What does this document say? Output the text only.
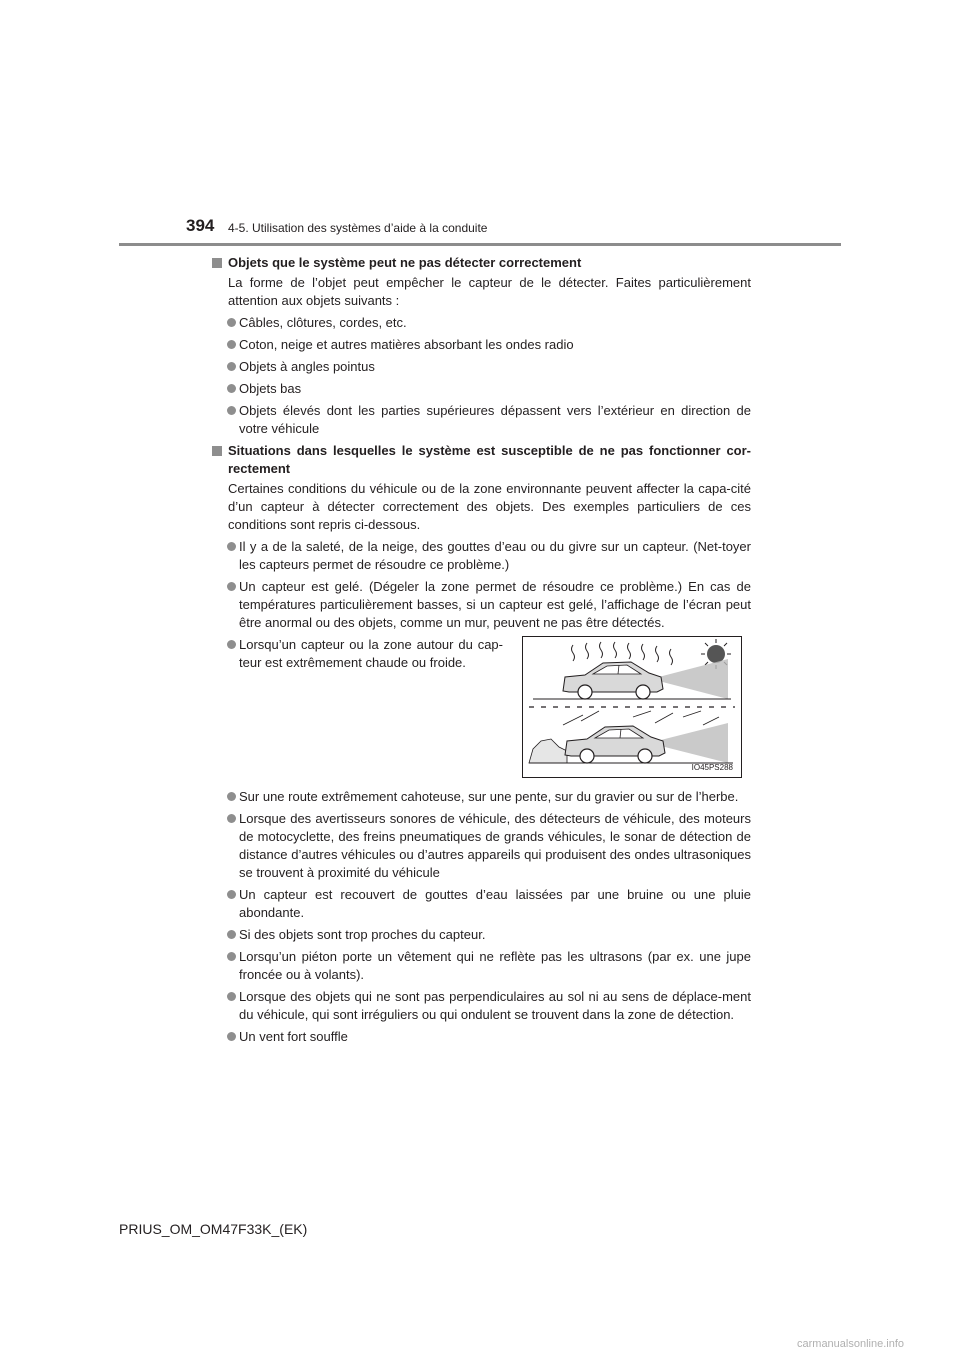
394 4-5. Utilisation des systèmes d’aide à la conduite
Objets que le système peut ne pas détecter correctement
La forme de l’objet peut empêcher le capteur de le détecter. Faites particulièrement attention aux objets suivants :
Câbles, clôtures, cordes, etc.
Coton, neige et autres matières absorbant les ondes radio
Objets à angles pointus
Objets bas
Objets élevés dont les parties supérieures dépassent vers l’extérieur en direction de votre véhicule
Situations dans lesquelles le système est susceptible de ne pas fonctionner cor-rectement
Certaines conditions du véhicule ou de la zone environnante peuvent affecter la capa-cité d’un capteur à détecter correctement des objets. Des exemples particuliers de ces conditions sont repris ci-dessous.
Il y a de la saleté, de la neige, des gouttes d’eau ou du givre sur un capteur. (Net-toyer les capteurs permet de résoudre ce problème.)
Un capteur est gelé. (Dégeler la zone permet de résoudre ce problème.) En cas de températures particulièrement basses, si un capteur est gelé, l’affichage de l’écran peut être anormal ou des objets, comme un mur, peuvent ne pas être détectés.
Lorsqu’un capteur ou la zone autour du cap-teur est extrêmement chaude ou froide.
IO45PS288
Sur une route extrêmement cahoteuse, sur une pente, sur du gravier ou sur de l’herbe.
Lorsque des avertisseurs sonores de véhicule, des détecteurs de véhicule, des moteurs de motocyclette, des freins pneumatiques de grands véhicules, le sonar de détection de distance d’autres véhicules ou d’autres appareils qui produisent des ondes ultrasoniques se trouvent à proximité du véhicule
Un capteur est recouvert de gouttes d’eau laissées par une bruine ou une pluie abondante.
Si des objets sont trop proches du capteur.
Lorsqu’un piéton porte un vêtement qui ne reflète pas les ultrasons (par ex. une jupe froncée ou à volants).
Lorsque des objets qui ne sont pas perpendiculaires au sol ni au sens de déplace-ment du véhicule, qui sont irréguliers ou qui ondulent se trouvent dans la zone de détection.
Un vent fort souffle
PRIUS_OM_OM47F33K_(EK)
carmanualsonline.info
